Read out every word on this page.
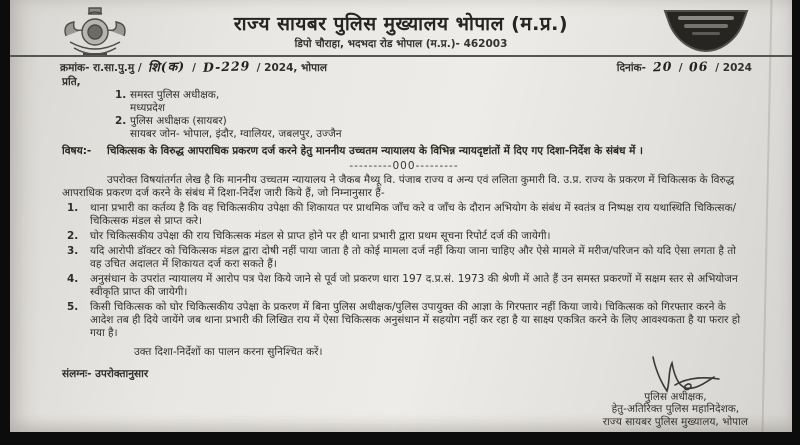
राज्य सायबर पुलिस मुख्यालय भोपाल (म.प्र.)
डिपो चौराहा, भदभदा रोड भोपाल (म.प्र.)- 462003
क्रमांक- रा.सा.पु.मु / शि(क) / D-229 / 2024, भोपाल	दिनांक- 20 / 06 / 2024
प्रति,
1. समस्त पुलिस अधीक्षक,
मध्यप्रदेश
2. पुलिस अधीक्षक (सायबर)
सायबर जोन- भोपाल, इंदौर, ग्वालियर, जबलपुर, उज्जैन
विषय:- चिकित्सक के विरुद्ध आपराधिक प्रकरण दर्ज करने हेतु माननीय उच्चतम न्यायालय के विभिन्न न्यायदृष्टांतों में दिए गए दिशा-निर्देश के संबंध में ।
---------000---------
उपरोक्त विषयांतर्गत लेख है कि माननीय उच्चतम न्यायालय ने जैकब मैथ्यू वि. पंजाब राज्य व अन्य एवं ललिता कुमारी वि. उ.प्र. राज्य के प्रकरण में चिकित्सक के विरुद्ध आपराधिक प्रकरण दर्ज करने के संबंध में दिशा-निर्देश जारी किये हैं, जो निम्नानुसार हैं-
1. थाना प्रभारी का कर्तव्य है कि वह चिकित्सकीय उपेक्षा की शिकायत पर प्राथमिक जाँच करे व जाँच के दौरान अभियोग के संबंध में स्वतंत्र व निष्पक्ष राय यथास्थिति चिकित्सक/चिकित्सक मंडल से प्राप्त करे।
2. घोर चिकित्सकीय उपेक्षा की राय चिकित्सक मंडल से प्राप्त होने पर ही थाना प्रभारी द्वारा प्रथम सूचना रिपोर्ट दर्ज की जायेगी।
3. यदि आरोपी डॉक्टर को चिकित्सक मंडल द्वारा दोषी नहीं पाया जाता है तो कोई मामला दर्ज नहीं किया जाना चाहिए और ऐसे मामले में मरीज/परिजन को यदि ऐसा लगता है तो वह उचित अदालत में शिकायत दर्ज करा सकते हैं।
4. अनुसंधान के उपरांत न्यायालय में आरोप पत्र पेश किये जाने से पूर्व जो प्रकरण धारा 197 द.प्र.सं. 1973 की श्रेणी में आते हैं उन समस्त प्रकरणों में सक्षम स्तर से अभियोजन स्वीकृति प्राप्त की जायेगी।
5. किसी चिकित्सक को घोर चिकित्सकीय उपेक्षा के प्रकरण में बिना पुलिस अधीक्षक/पुलिस उपायुक्त की आज्ञा के गिरफ्तार नहीं किया जाये। चिकित्सक को गिरफ्तार करने के आदेश तब ही दिये जायेंगे जब थाना प्रभारी की लिखित राय में ऐसा चिकित्सक अनुसंधान में सहयोग नहीं कर रहा है या साक्ष्य एकत्रित करने के लिए आवश्यकता है या फरार हो गया है।
उक्त दिशा-निर्देशों का पालन करना सुनिश्चित करें।
संलग्नः- उपरोक्तानुसार
पुलिस अधीक्षक,
हेतु-अतिरिक्त पुलिस महानिदेशक,
राज्य सायबर पुलिस मुख्यालय, भोपाल
